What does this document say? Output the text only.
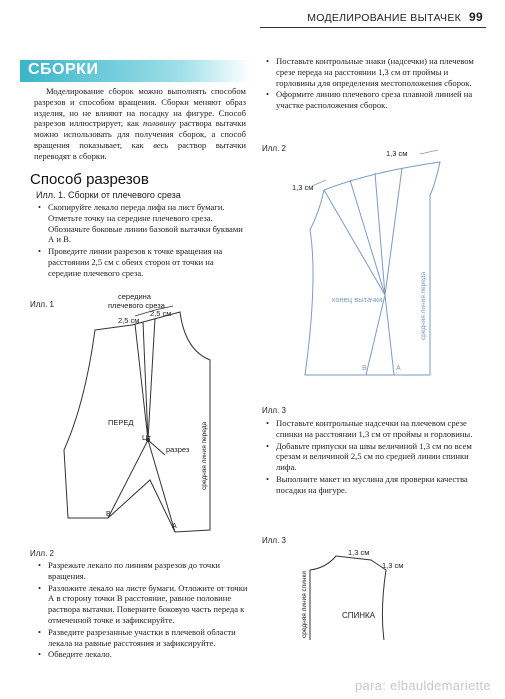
МОДЕЛИРОВАНИЕ ВЫТАЧЕК 99
СБОРКИ
Моделирование сборок можно выполнять способом разрезов и способом вращения. Сборки меняют образ изделия, но не влияют на посадку на фигуре. Способ разрезов иллюстрирует, как половину раствора вытачки можно использовать для получения сборок, а способ вращения показывает, как весь раствор вытачки переводят в сборки.
Способ разрезов
Илл. 1. Сборки от плечевого среза
• Скопируйте лекало переда лифа на лист бумаги. Отметьте точку на середине плечевого среза. Обозначьте боковые линии базовой вытачки буквами А и В.
• Проведите линии разрезов к точке вращения на расстоянии 2,5 см с обеих сторон от точки на середине плечевого среза.
Илл. 1
середина
плечевого среза
2,5 см
2,5 см
ПЕРЕД
Цт
разрез средняя линия переда
В
А
Илл. 2
• Разрежьте лекало по линиям разрезов до точки вращения.
• Разложите лекало на листе бумаги. Отложите от точки А в сторону точки В расстояние, равное половине раствора вытачки. Поверните боковую часть переда к отмеченной точке и зафиксируйте.
• Разведите разрезанные участки в плечевой области лекала на равные расстояния и зафиксируйте.
• Обведите лекало.
• Поставьте контрольные знаки (надсечки) на плечевом срезе переда на расстоянии 1,3 см от проймы и горловины для определения местоположения сборок.
• Оформите линию плечевого среза плавной линией на участке расположения сборок.
Илл. 2
1,3 см
1,3 см
конец вытачки	средняя линия переда
В	А
Илл. 3
• Поставьте контрольные надсечки на плечевом срезе спинки на расстоянии 1,3 см от проймы и горловины.
• Добавьте припуски на швы величиной 1,3 см по всем срезам и величиной 2,5 см по средней линии спинки лифа.
• Выполните макет из муслина для проверки качества посадки на фигуре.
Илл. 3
1,3 см
1,3 см
СПИНКА
средняя линия спинки
para: elbauldemariette
